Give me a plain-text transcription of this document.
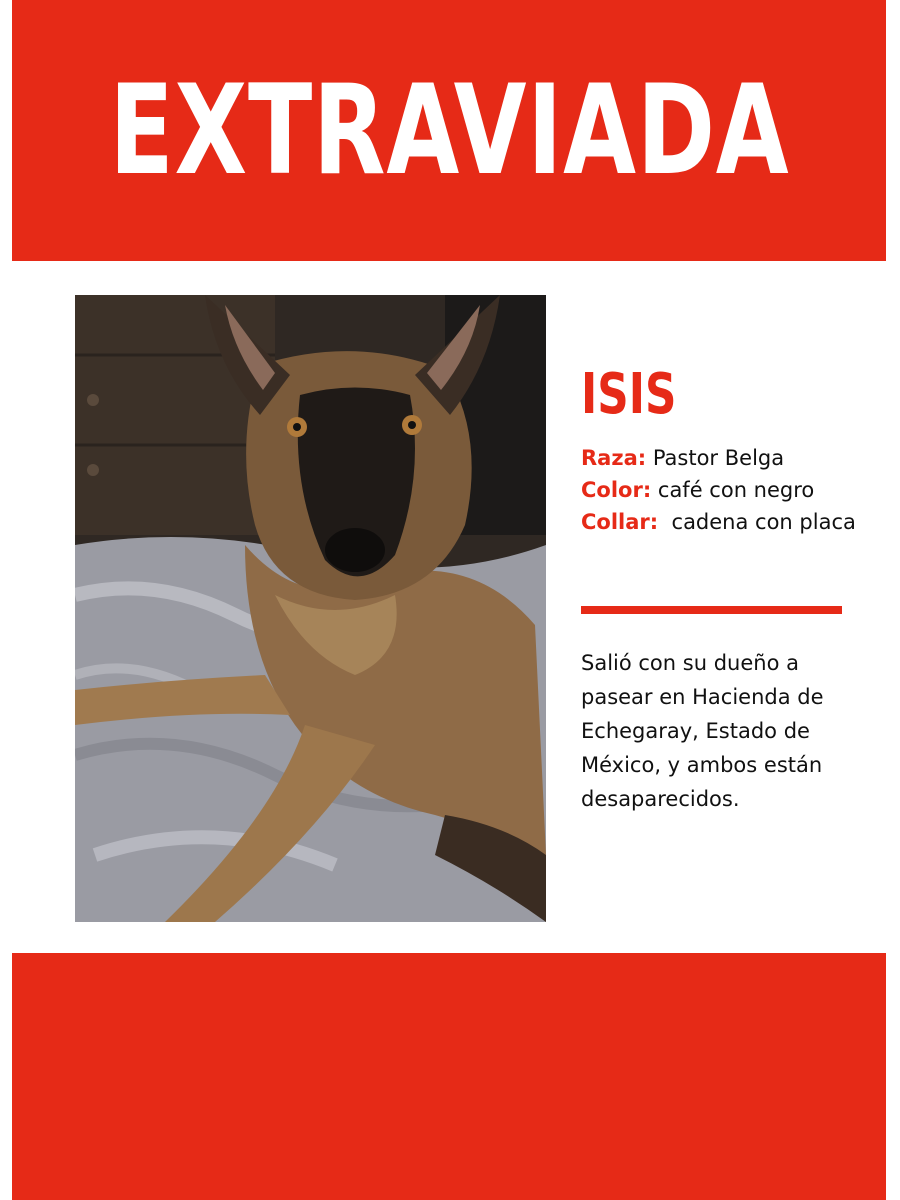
EXTRAVIADA
ISIS
Raza: Pastor Belga
Color: café con negro
Collar:  cadena con placa
Salió con su dueño a pasear en Hacienda de Echegaray, Estado de México, y ambos están desaparecidos.
